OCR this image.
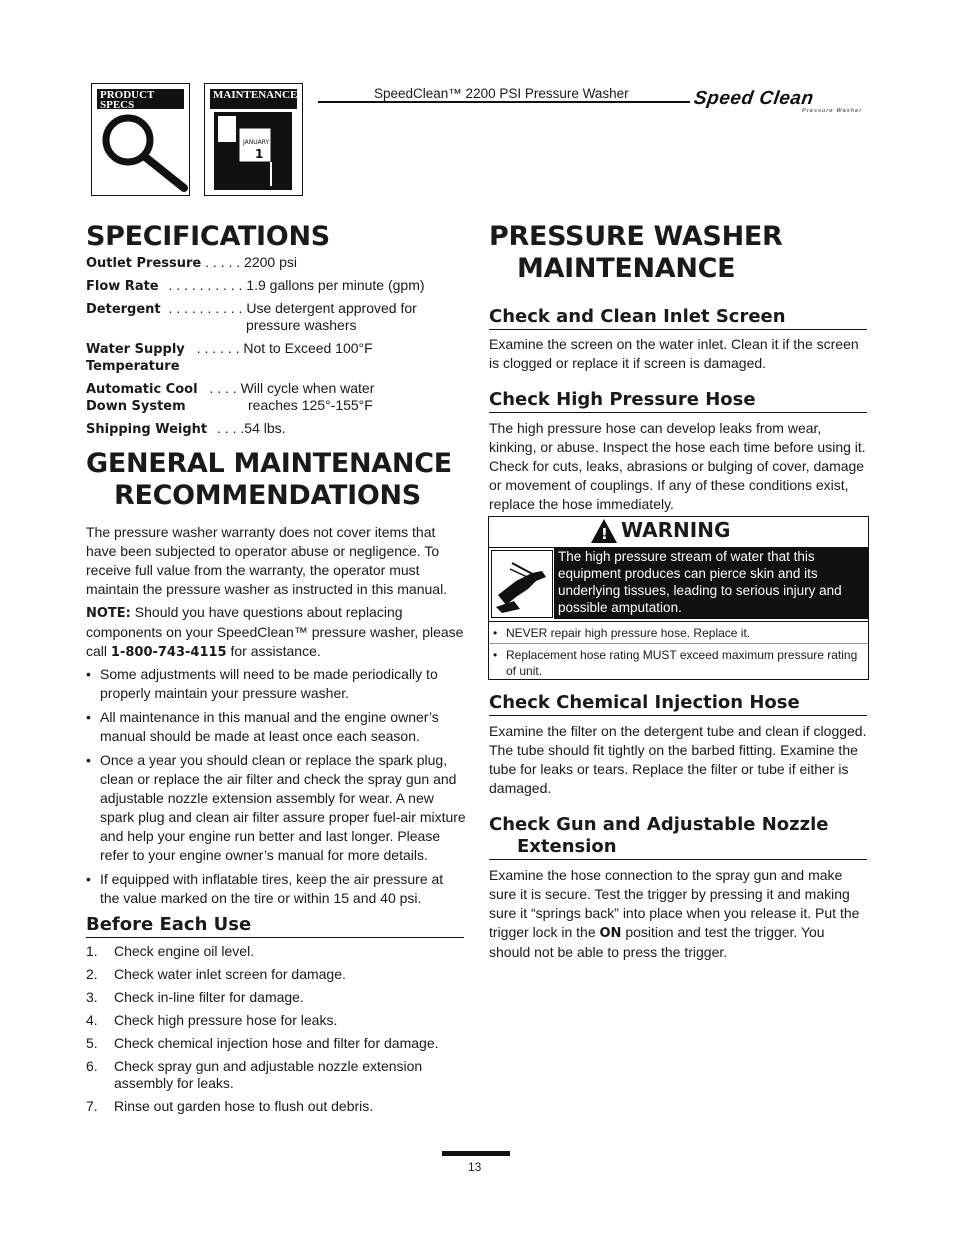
PRODUCT SPECS
MAINTENANCE
JANUARY
1
SpeedClean™ 2200 PSI Pressure Washer	Speed Clean
Pressure Washer
SPECIFICATIONS
Outlet Pressure . . . . . 2200 psi
Flow Rate . . . . . . . . . . 1.9 gallons per minute (gpm)
Detergent . . . . . . . . . . Use detergent approved for
pressure washers
Water Supply . . . . . . Not to Exceed 100°F
Temperature
Automatic Cool . . . . Will cycle when water
Down System	reaches 125°-155°F
Shipping Weight . . . .54 lbs.
GENERAL MAINTENANCE
RECOMMENDATIONS
The pressure washer warranty does not cover items that have been subjected to operator abuse or negligence. To receive full value from the warranty, the operator must maintain the pressure washer as instructed in this manual.
NOTE: Should you have questions about replacing components on your SpeedClean™ pressure washer, please call 1-800-743-4115 for assistance.
• Some adjustments will need to be made periodically to properly maintain your pressure washer.
• All maintenance in this manual and the engine owner’s manual should be made at least once each season.
• Once a year you should clean or replace the spark plug, clean or replace the air filter and check the spray gun and adjustable nozzle extension assembly for wear. A new spark plug and clean air filter assure proper fuel-air mixture and help your engine run better and last longer. Please refer to your engine owner’s manual for more details.
• If equipped with inflatable tires, keep the air pressure at the value marked on the tire or within 15 and 40 psi.
Before Each Use
1. Check engine oil level.
2. Check water inlet screen for damage.
3. Check in-line filter for damage.
4. Check high pressure hose for leaks.
5. Check chemical injection hose and filter for damage.
6. Check spray gun and adjustable nozzle extension assembly for leaks.
7. Rinse out garden hose to flush out debris.
PRESSURE WASHER
MAINTENANCE
Check and Clean Inlet Screen
Examine the screen on the water inlet. Clean it if the screen is clogged or replace it if screen is damaged.
Check High Pressure Hose
The high pressure hose can develop leaks from wear, kinking, or abuse. Inspect the hose each time before using it. Check for cuts, leaks, abrasions or bulging of cover, damage or movement of couplings. If any of these conditions exist, replace the hose immediately.
! WARNING
The high pressure stream of water that this equipment produces can pierce skin and its underlying tissues, leading to serious injury and possible amputation.
• NEVER repair high pressure hose. Replace it.
• Replacement hose rating MUST exceed maximum pressure rating of unit.
Check Chemical Injection Hose
Examine the filter on the detergent tube and clean if clogged. The tube should fit tightly on the barbed fitting. Examine the tube for leaks or tears. Replace the filter or tube if either is damaged.
Check Gun and Adjustable Nozzle
Extension
Examine the hose connection to the spray gun and make sure it is secure. Test the trigger by pressing it and making sure it “springs back” into place when you release it. Put the trigger lock in the ON position and test the trigger. You should not be able to press the trigger.
13
